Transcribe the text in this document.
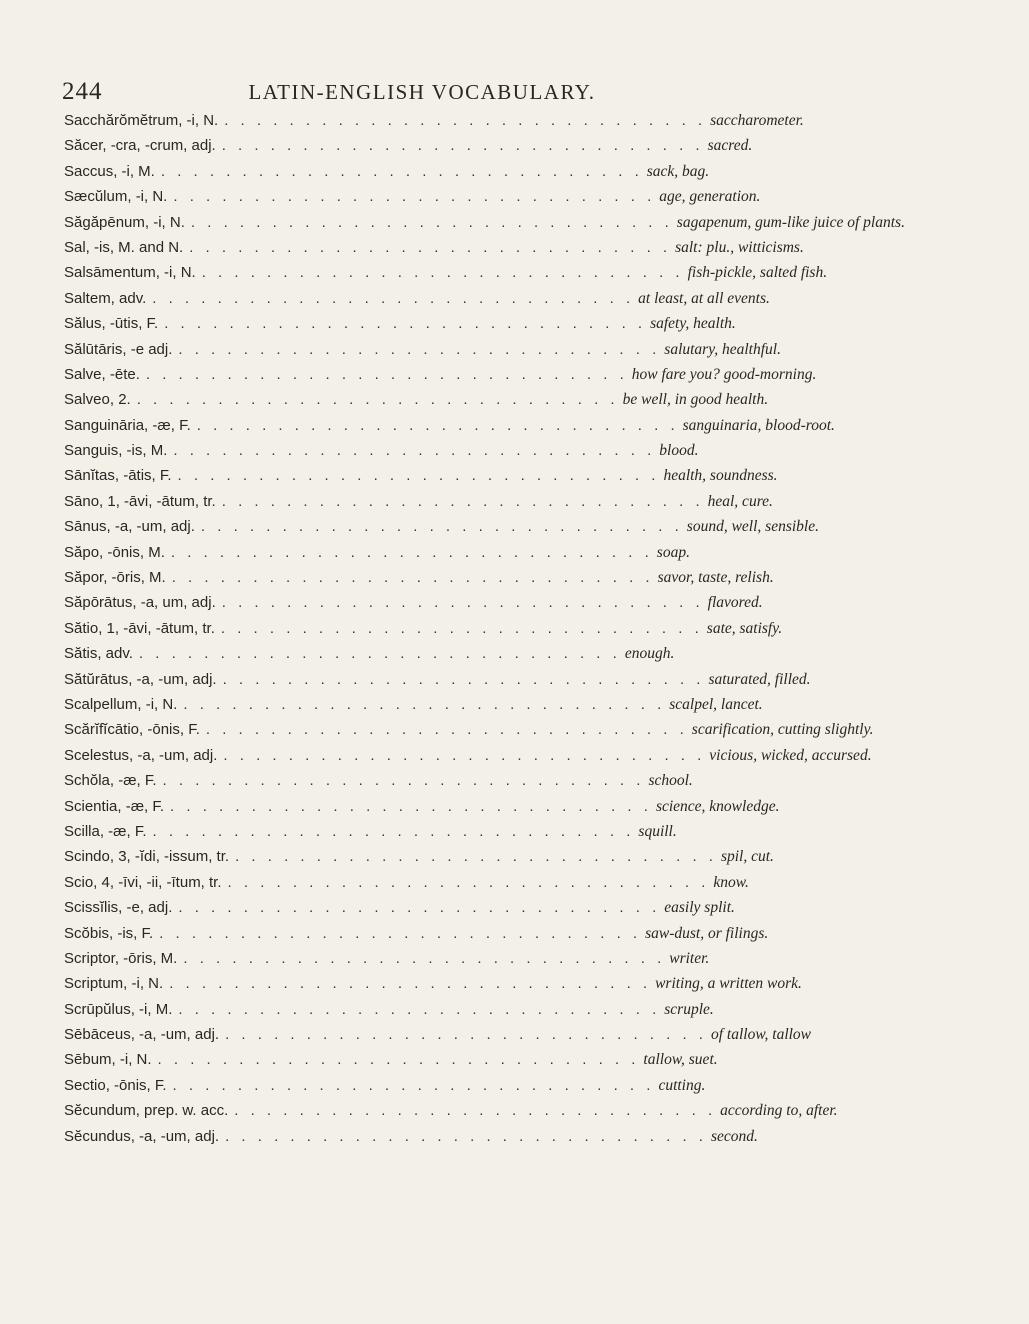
244	LATIN-ENGLISH VOCABULARY.
Sacchărŏmĕtrum, -i, N. . . . . . . . . . . . . . . . . . . . . . . . . . . . . . . saccharometer.
Săcer, -cra, -crum, adj. . . . . . . . . . . . . . . . . . . . . . . . . . . . . . . sacred.
Saccus, -i, M. . . . . . . . . . . . . . . . . . . . . . . . . . . . . . . sack, bag.
Sæcŭlum, -i, N. . . . . . . . . . . . . . . . . . . . . . . . . . . . . . . age, generation.
Săgăpēnum, -i, N. . . . . . . . . . . . . . . . . . . . . . . . . . . . . . . sagapenum, gum-like juice of plants.
Sal, -is, M. and N. . . . . . . . . . . . . . . . . . . . . . . . . . . . . . . salt: plu., witticisms.
Salsāmentum, -i, N. . . . . . . . . . . . . . . . . . . . . . . . . . . . . . . fish-pickle, salted fish.
Saltem, adv. . . . . . . . . . . . . . . . . . . . . . . . . . . . . . . at least, at all events.
Sălus, -ūtis, F. . . . . . . . . . . . . . . . . . . . . . . . . . . . . . . safety, health.
Sălūtāris, -e adj. . . . . . . . . . . . . . . . . . . . . . . . . . . . . . . salutary, healthful.
Salve, -ēte. . . . . . . . . . . . . . . . . . . . . . . . . . . . . . . how fare you? good-morning.
Salveo, 2. . . . . . . . . . . . . . . . . . . . . . . . . . . . . . . be well, in good health.
Sanguināria, -æ, F. . . . . . . . . . . . . . . . . . . . . . . . . . . . . . . sanguinaria, blood-root.
Sanguis, -is, M. . . . . . . . . . . . . . . . . . . . . . . . . . . . . . . blood.
Sānĭtas, -ātis, F. . . . . . . . . . . . . . . . . . . . . . . . . . . . . . . health, soundness.
Sāno, 1, -āvi, -ātum, tr. . . . . . . . . . . . . . . . . . . . . . . . . . . . . . . heal, cure.
Sānus, -a, -um, adj. . . . . . . . . . . . . . . . . . . . . . . . . . . . . . . sound, well, sensible.
Săpo, -ōnis, M. . . . . . . . . . . . . . . . . . . . . . . . . . . . . . . soap.
Săpor, -ōris, M. . . . . . . . . . . . . . . . . . . . . . . . . . . . . . . savor, taste, relish.
Săpōrātus, -a, um, adj. . . . . . . . . . . . . . . . . . . . . . . . . . . . . . . flavored.
Sătio, 1, -āvi, -ātum, tr. . . . . . . . . . . . . . . . . . . . . . . . . . . . . . . sate, satisfy.
Sătis, adv. . . . . . . . . . . . . . . . . . . . . . . . . . . . . . . enough.
Sătŭrātus, -a, -um, adj. . . . . . . . . . . . . . . . . . . . . . . . . . . . . . . saturated, filled.
Scalpellum, -i, N. . . . . . . . . . . . . . . . . . . . . . . . . . . . . . . scalpel, lancet.
Scărĭfĭcātio, -ōnis, F. . . . . . . . . . . . . . . . . . . . . . . . . . . . . . . scarification, cutting slightly.
Scelestus, -a, -um, adj. . . . . . . . . . . . . . . . . . . . . . . . . . . . . . . vicious, wicked, accursed.
Schŏla, -æ, F. . . . . . . . . . . . . . . . . . . . . . . . . . . . . . . school.
Scientia, -æ, F. . . . . . . . . . . . . . . . . . . . . . . . . . . . . . . science, knowledge.
Scilla, -æ, F. . . . . . . . . . . . . . . . . . . . . . . . . . . . . . . squill.
Scindo, 3, -ĭdi, -issum, tr. . . . . . . . . . . . . . . . . . . . . . . . . . . . . . . spil, cut.
Scio, 4, -īvi, -ii, -ītum, tr. . . . . . . . . . . . . . . . . . . . . . . . . . . . . . . know.
Scissĭlis, -e, adj. . . . . . . . . . . . . . . . . . . . . . . . . . . . . . . easily split.
Scŏbis, -is, F. . . . . . . . . . . . . . . . . . . . . . . . . . . . . . . saw-dust, or filings.
Scriptor, -ōris, M. . . . . . . . . . . . . . . . . . . . . . . . . . . . . . . writer.
Scriptum, -i, N. . . . . . . . . . . . . . . . . . . . . . . . . . . . . . . writing, a written work.
Scrūpŭlus, -i, M. . . . . . . . . . . . . . . . . . . . . . . . . . . . . . . scruple.
Sēbāceus, -a, -um, adj. . . . . . . . . . . . . . . . . . . . . . . . . . . . . . . of tallow, tallow
Sēbum, -i, N. . . . . . . . . . . . . . . . . . . . . . . . . . . . . . . tallow, suet.
Sectio, -ōnis, F. . . . . . . . . . . . . . . . . . . . . . . . . . . . . . . cutting.
Sĕcundum, prep. w. acc. . . . . . . . . . . . . . . . . . . . . . . . . . . . . . . according to, after.
Sĕcundus, -a, -um, adj. . . . . . . . . . . . . . . . . . . . . . . . . . . . . . . second.
